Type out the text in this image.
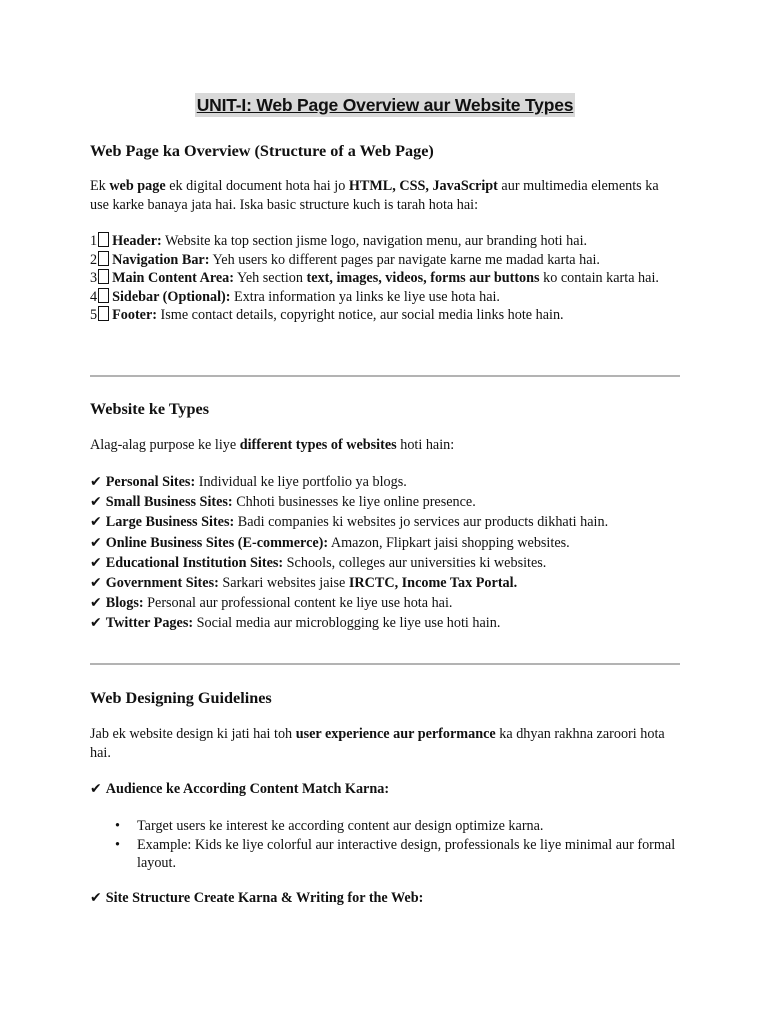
UNIT-I: Web Page Overview aur Website Types
Web Page ka Overview (Structure of a Web Page)

Ek web page ek digital document hota hai jo HTML, CSS, JavaScript aur multimedia elements ka use karke banaya jata hai. Iska basic structure kuch is tarah hota hai:

1 Header: Website ka top section jisme logo, navigation menu, aur branding hoti hai.
2 Navigation Bar: Yeh users ko different pages par navigate karne me madad karta hai.
3 Main Content Area: Yeh section text, images, videos, forms aur buttons ko contain karta hai.
4 Sidebar (Optional): Extra information ya links ke liye use hota hai.
5 Footer: Isme contact details, copyright notice, aur social media links hote hain.
Website ke Types

Alag-alag purpose ke liye different types of websites hoti hain:

✔ Personal Sites: Individual ke liye portfolio ya blogs.
✔ Small Business Sites: Chhoti businesses ke liye online presence.
✔ Large Business Sites: Badi companies ki websites jo services aur products dikhati hain.
✔ Online Business Sites (E-commerce): Amazon, Flipkart jaisi shopping websites.
✔ Educational Institution Sites: Schools, colleges aur universities ki websites.
✔ Government Sites: Sarkari websites jaise IRCTC, Income Tax Portal.
✔ Blogs: Personal aur professional content ke liye use hota hai.
✔ Twitter Pages: Social media aur microblogging ke liye use hoti hain.
Web Designing Guidelines

Jab ek website design ki jati hai toh user experience aur performance ka dhyan rakhna zaroori hota hai.

✔ Audience ke According Content Match Karna:

• Target users ke interest ke according content aur design optimize karna.
• Example: Kids ke liye colorful aur interactive design, professionals ke liye minimal aur formal layout.

✔ Site Structure Create Karna & Writing for the Web:
